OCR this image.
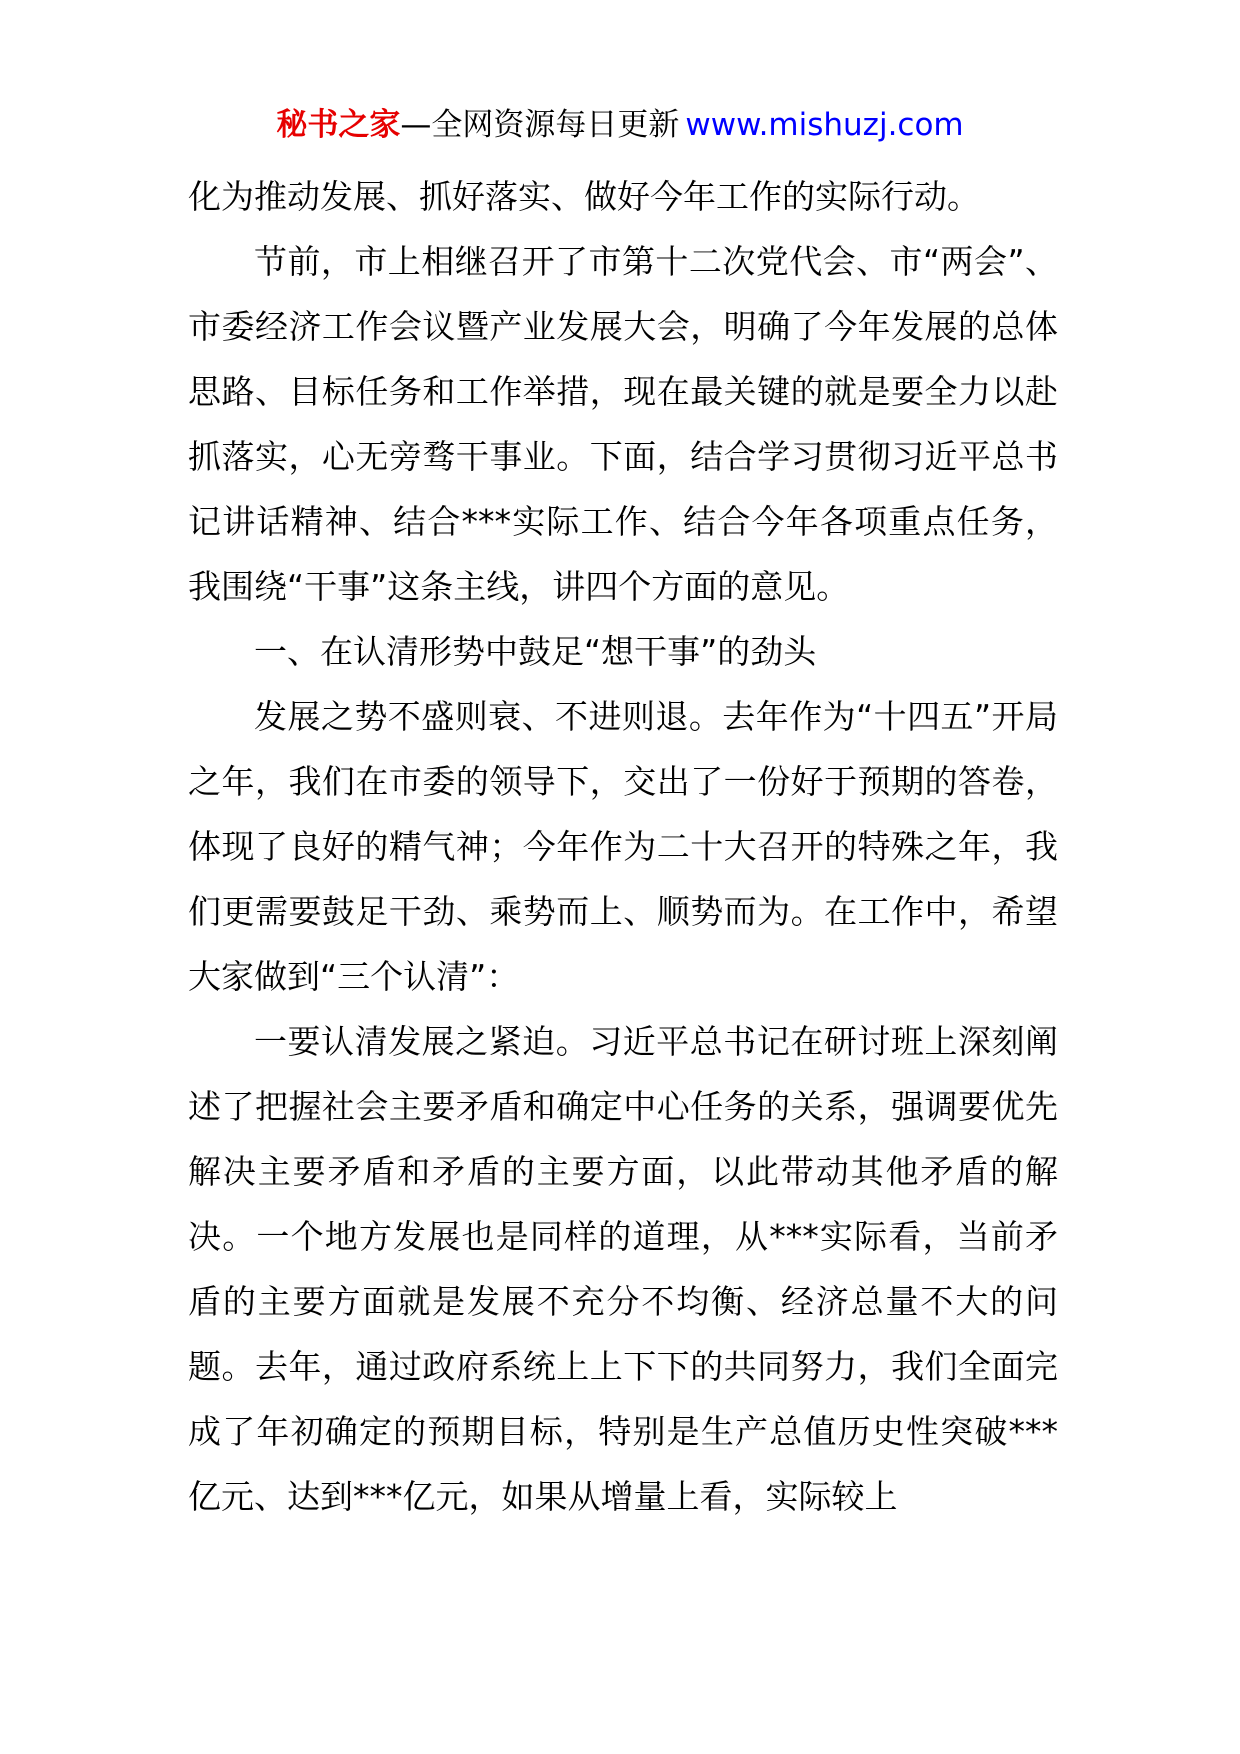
秘书之家—全网资源每日更新 www.mishuzj.com

化为推动发展、抓好落实、做好今年工作的实际行动。

节前，市上相继召开了市第十二次党代会、市“两会”、市委经济工作会议暨产业发展大会，明确了今年发展的总体思路、目标任务和工作举措，现在最关键的就是要全力以赴抓落实，心无旁骛干事业。下面，结合学习贯彻习近平总书记讲话精神、结合***实际工作、结合今年各项重点任务，我围绕“干事”这条主线，讲四个方面的意见。

一、在认清形势中鼓足“想干事”的劲头

发展之势不盛则衰、不进则退。去年作为“十四五”开局之年，我们在市委的领导下，交出了一份好于预期的答卷，体现了良好的精气神；今年作为二十大召开的特殊之年，我们更需要鼓足干劲、乘势而上、顺势而为。在工作中，希望大家做到“三个认清”：

一要认清发展之紧迫。习近平总书记在研讨班上深刻阐述了把握社会主要矛盾和确定中心任务的关系，强调要优先解决主要矛盾和矛盾的主要方面，以此带动其他矛盾的解决。一个地方发展也是同样的道理，从***实际看，当前矛盾的主要方面就是发展不充分不均衡、经济总量不大的问题。去年，通过政府系统上上下下的共同努力，我们全面完成了年初确定的预期目标，特别是生产总值历史性突破***亿元、达到***亿元，如果从增量上看，实际较上
